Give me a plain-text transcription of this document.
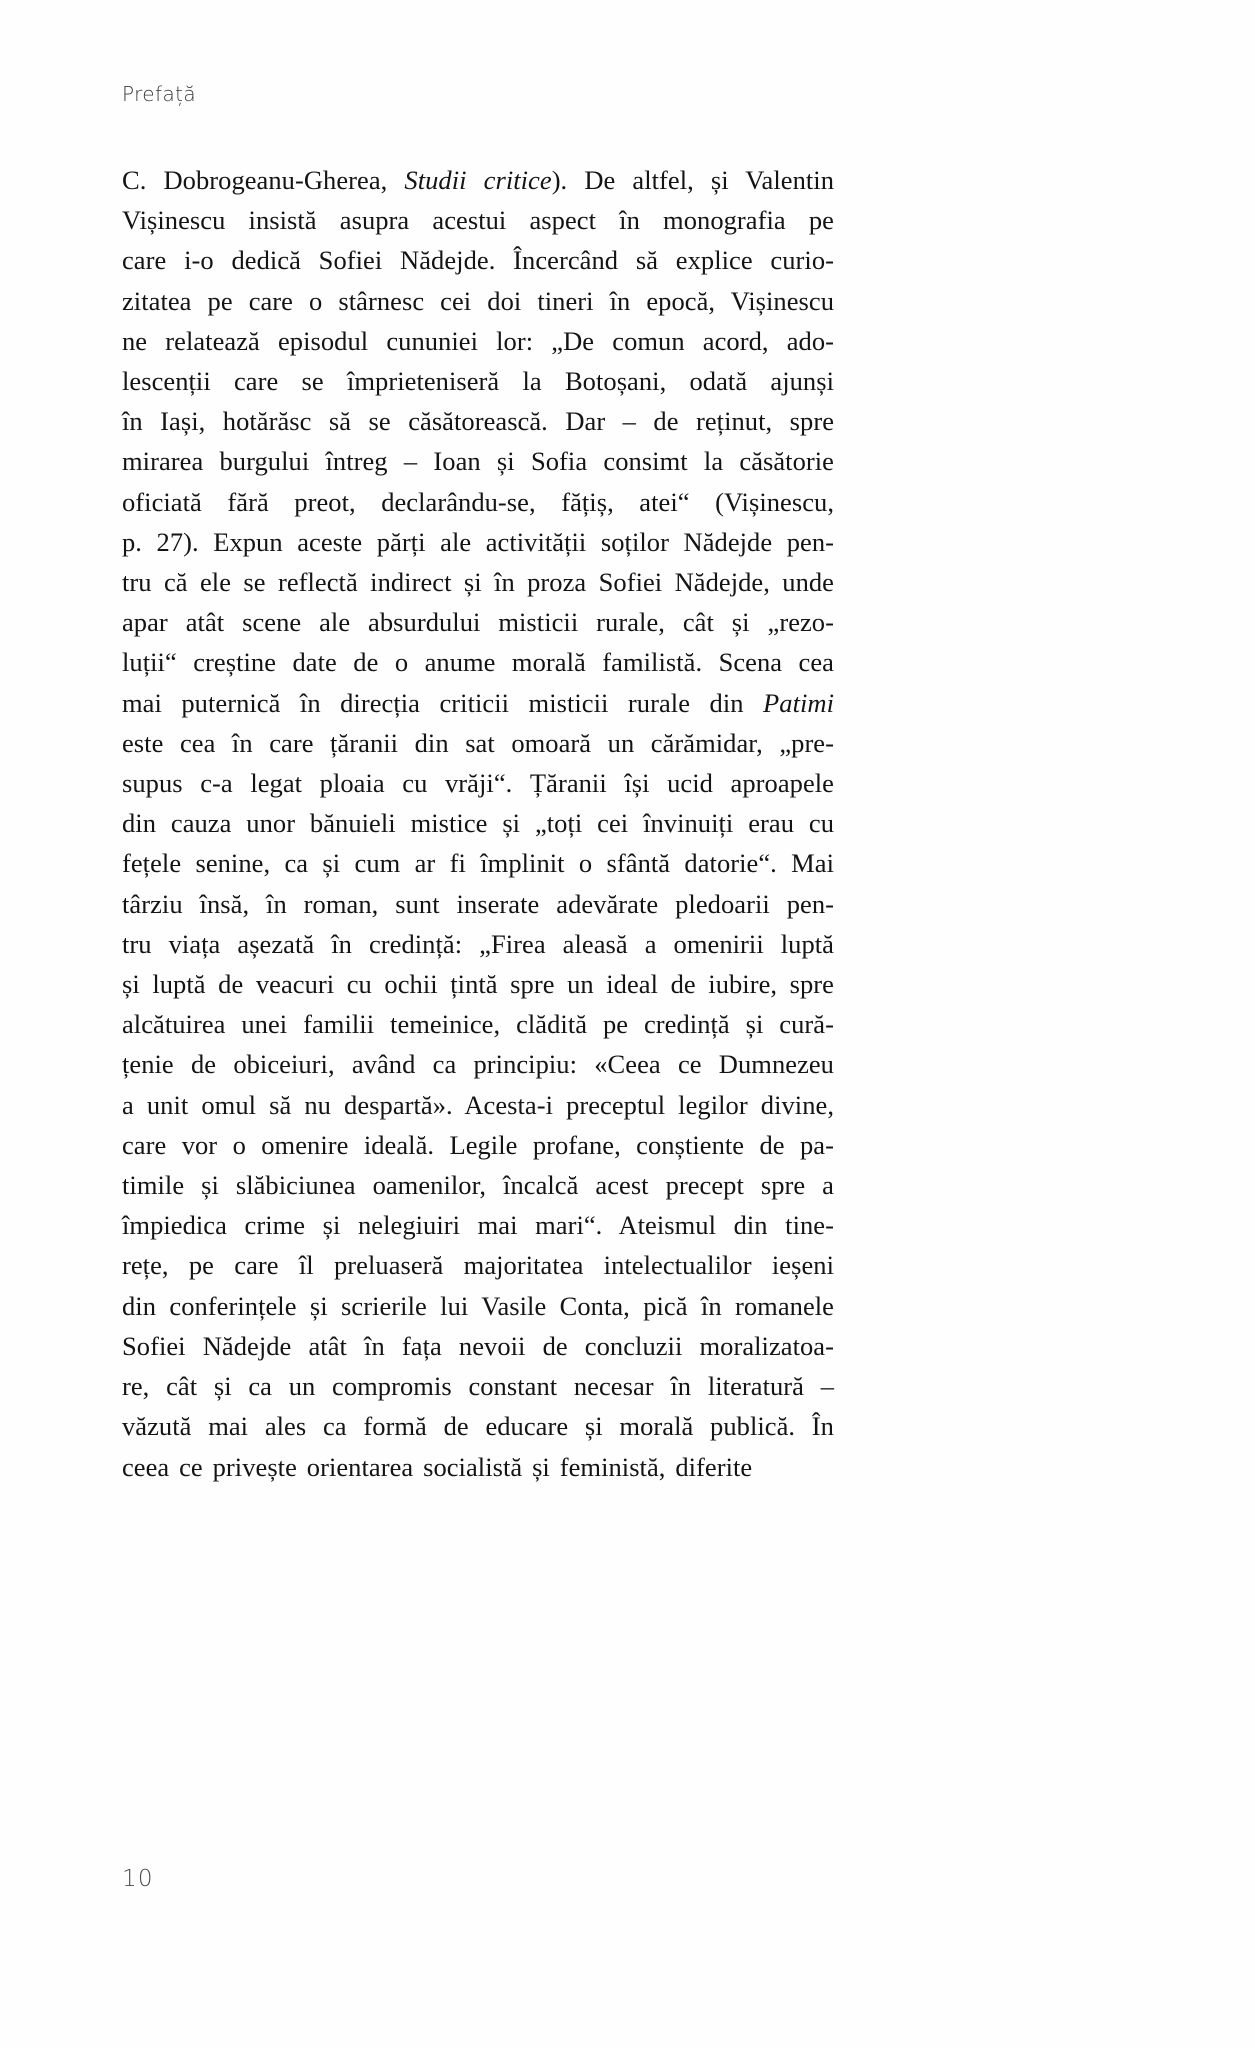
Prefață

C. Dobrogeanu-Gherea, Studii critice). De altfel, și Valentin
Vișinescu insistă asupra acestui aspect în monografia pe
care i-o dedică Sofiei Nădejde. Încercând să explice curio-
zitatea pe care o stârnesc cei doi tineri în epocă, Vișinescu
ne relatează episodul cununiei lor: „De comun acord, ado-
lescenții care se împrieteniseră la Botoșani, odată ajunși
în Iași, hotărăsc să se căsătorească. Dar – de reținut, spre
mirarea burgului întreg – Ioan și Sofia consimt la căsătorie
oficiată fără preot, declarându-se, fățiș, atei“ (Vișinescu,
p. 27). Expun aceste părți ale activității soților Nădejde pen-
tru că ele se reflectă indirect și în proza Sofiei Nădejde, unde
apar atât scene ale absurdului misticii rurale, cât și „rezo-
luții“ creștine date de o anume morală familistă. Scena cea
mai puternică în direcția criticii misticii rurale din Patimi
este cea în care țăranii din sat omoară un cărămidar, „pre-
supus c-a legat ploaia cu vrăji“. Țăranii își ucid aproapele
din cauza unor bănuieli mistice și „toți cei învinuiți erau cu
fețele senine, ca și cum ar fi împlinit o sfântă datorie“. Mai
târziu însă, în roman, sunt inserate adevărate pledoarii pen-
tru viața așezată în credință: „Firea aleasă a omenirii luptă
și luptă de veacuri cu ochii țintă spre un ideal de iubire, spre
alcătuirea unei familii temeinice, clădită pe credință și cură-
țenie de obiceiuri, având ca principiu: «Ceea ce Dumnezeu
a unit omul să nu despartă». Acesta-i preceptul legilor divine,
care vor o omenire ideală. Legile profane, conștiente de pa-
timile și slăbiciunea oamenilor, încalcă acest precept spre a
împiedica crime și nelegiuiri mai mari“. Ateismul din tine-
rețe, pe care îl preluaseră majoritatea intelectualilor ieșeni
din conferințele și scrierile lui Vasile Conta, pică în romanele
Sofiei Nădejde atât în fața nevoii de concluzii moralizatoa-
re, cât și ca un compromis constant necesar în literatură –
văzută mai ales ca formă de educare și morală publică. În
ceea ce privește orientarea socialistă și feministă, diferite

10
